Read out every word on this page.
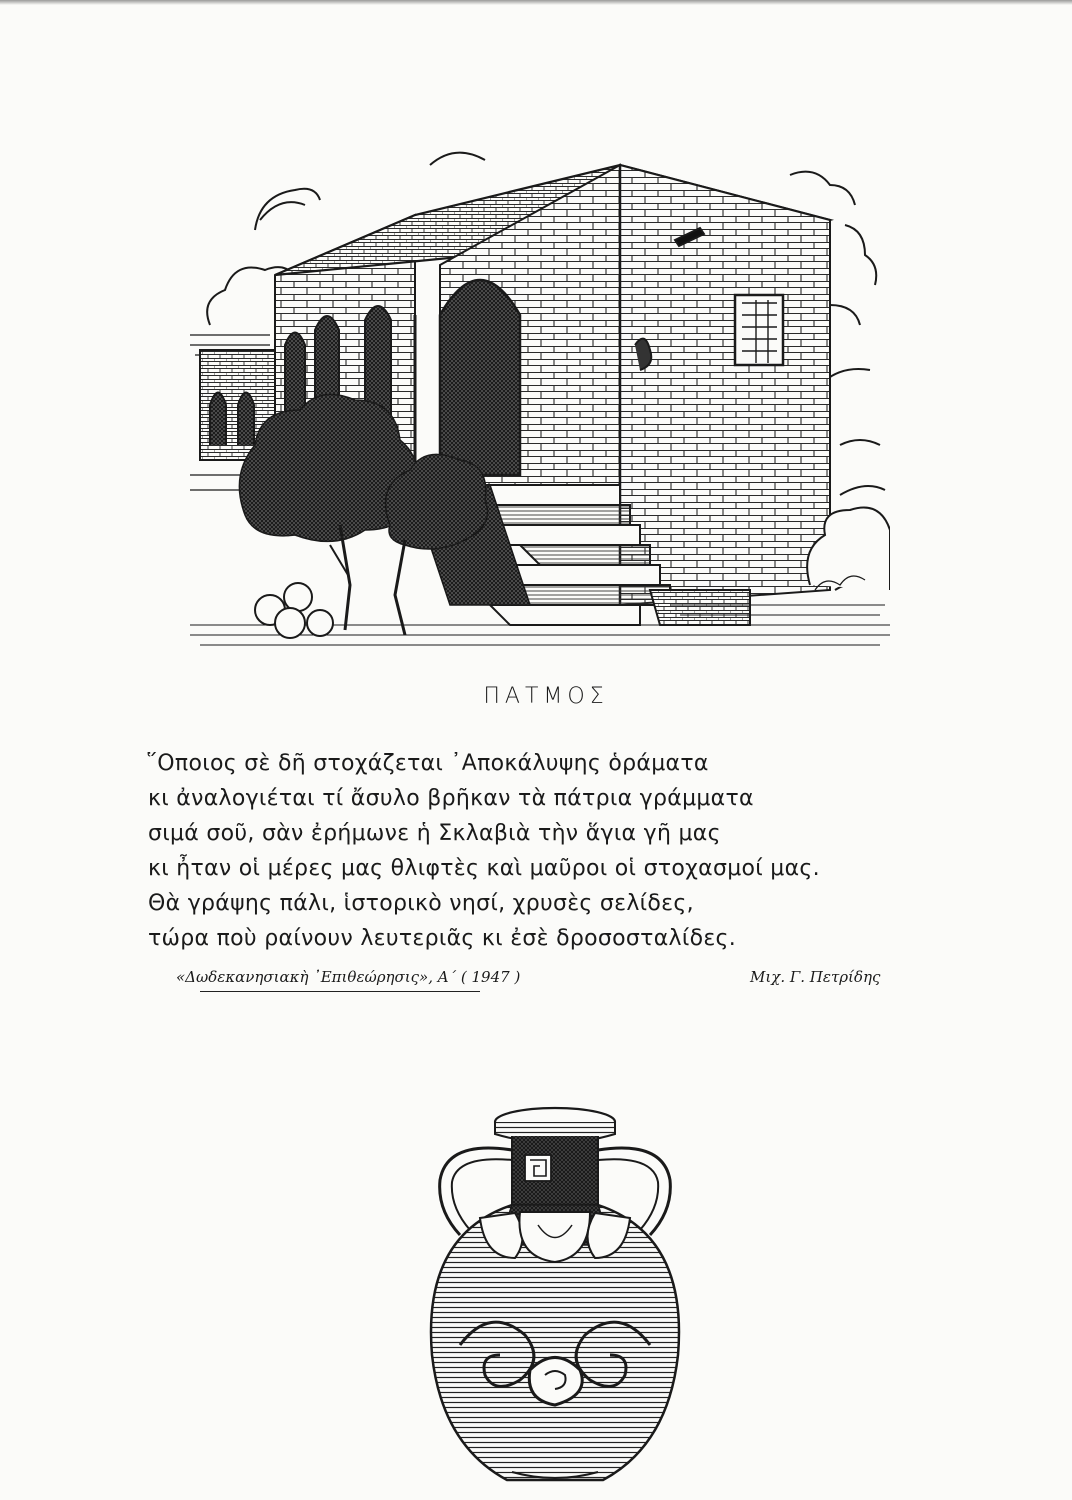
ΠΑΤΜΟΣ
῞Οποιος σὲ δῆ στοχάζεται ᾿Αποκάλυψης ὁράματα
κι ἀναλογιέται τί ἄσυλο βρῆκαν τὰ πάτρια γράμματα
σιμά σοῦ, σὰν ἐρήμωνε ἡ Σκλαβιὰ τὴν ἅγια γῆ μας
κι ἦταν οἱ μέρες μας θλιφτὲς καὶ μαῦροι οἱ στοχασμοί μας.
Θὰ γράψης πάλι, ἱστορικὸ νησί, χρυσὲς σελίδες,
τώρα ποὺ ραίνουν λευτεριᾶς κι ἐσὲ δροσοσταλίδες.
«Δωδεκανησιακὴ ᾿Επιθεώρησις», Α΄ ( 1947 )	Μιχ. Γ. Πετρίδης
